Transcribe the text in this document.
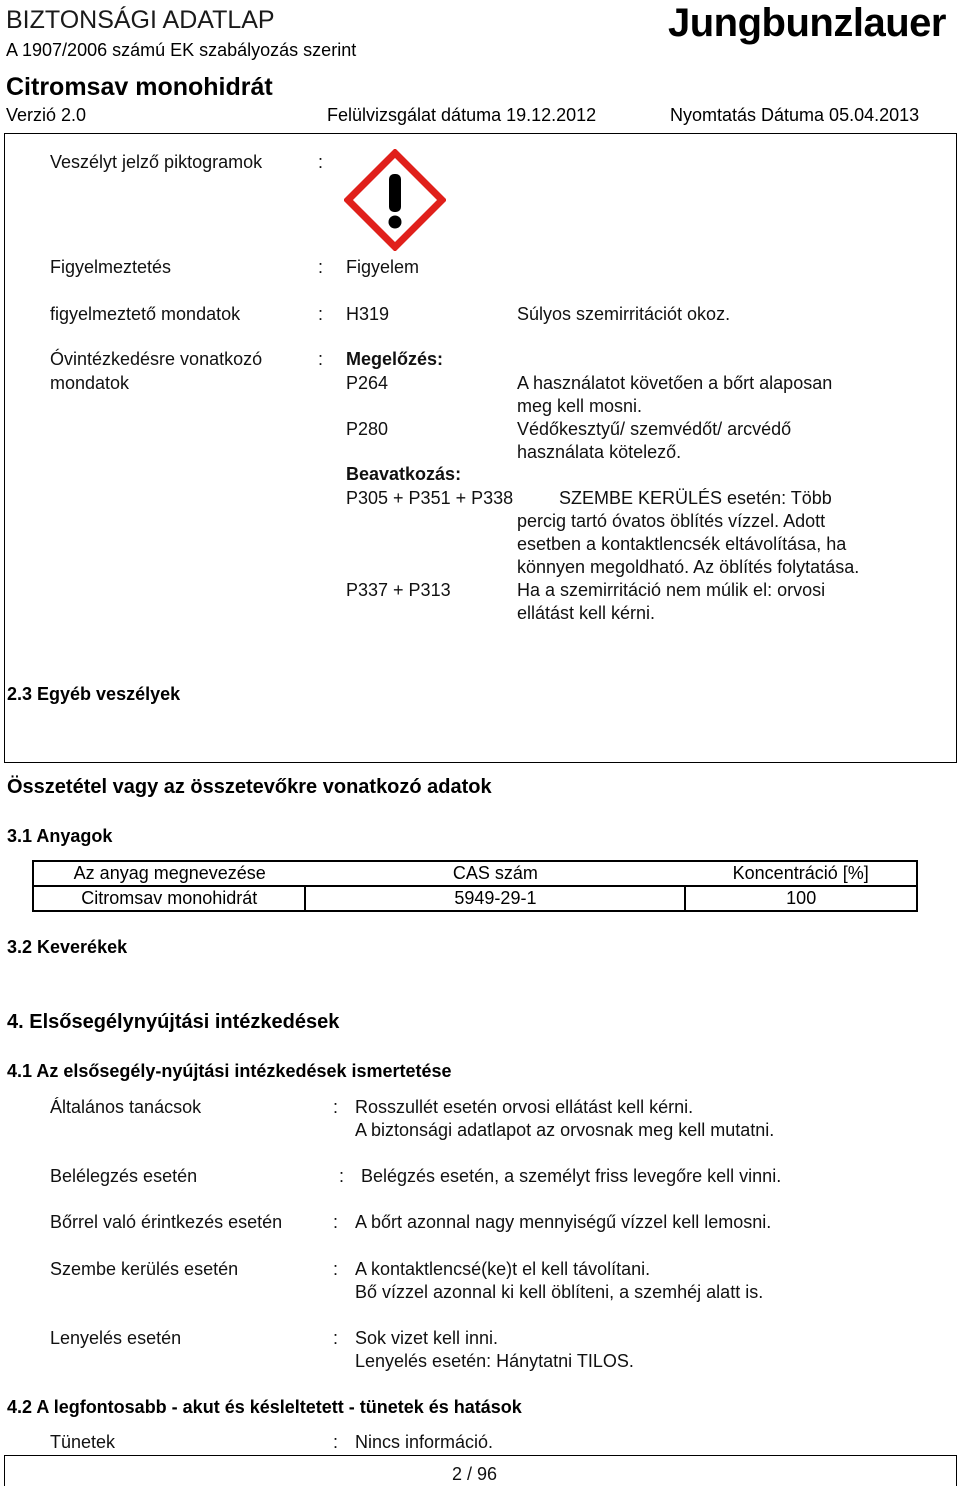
BIZTONSÁGI ADATLAP
A 1907/2006 számú EK szabályozás szerint
Jungbunzlauer
Citromsav monohidrát
Verzió 2.0	Felülvizsgálat dátuma 19.12.2012	Nyomtatás Dátuma 05.04.2013
Veszélyt jelző piktogramok	:
Figyelmeztetés	: Figyelem
figyelmeztető mondatok	: H319	Súlyos szemirritációt okoz.
Óvintézkedésre vonatkozó
mondatok
: Megelőzés:
P264	A használatot követően a bőrt alaposan
meg kell mosni.
P280	Védőkesztyű/ szemvédőt/ arcvédő
használata kötelező.
Beavatkozás:
P305 + P351 + P338	SZEMBE KERÜLÉS esetén: Több
percig tartó óvatos öblítés vízzel. Adott
esetben a kontaktlencsék eltávolítása, ha
könnyen megoldható. Az öblítés folytatása.
P337 + P313	Ha a szemirritáció nem múlik el: orvosi
ellátást kell kérni.
2.3 Egyéb veszélyek
Összetétel vagy az összetevőkre vonatkozó adatok
3.1 Anyagok
Az anyag megnevezése	CAS szám	Koncentráció [%]
Citromsav monohidrát	5949-29-1	100
3.2 Keverékek
4. Elsősegélynyújtási intézkedések
4.1 Az elsősegély-nyújtási intézkedések ismertetése
Általános tanácsok	: Rosszullét esetén orvosi ellátást kell kérni.
A biztonsági adatlapot az orvosnak meg kell mutatni.
Belélegzés esetén	: Belégzés esetén, a személyt friss levegőre kell vinni.
Bőrrel való érintkezés esetén	: A bőrt azonnal nagy mennyiségű vízzel kell lemosni.
Szembe kerülés esetén	: A kontaktlencsé(ke)t el kell távolítani.
Bő vízzel azonnal ki kell öblíteni, a szemhéj alatt is.
Lenyelés esetén	: Sok vizet kell inni.
Lenyelés esetén: Hánytatni TILOS.
4.2 A legfontosabb - akut és késleltetett - tünetek és hatások
Tünetek	: Nincs információ.
2 / 96
